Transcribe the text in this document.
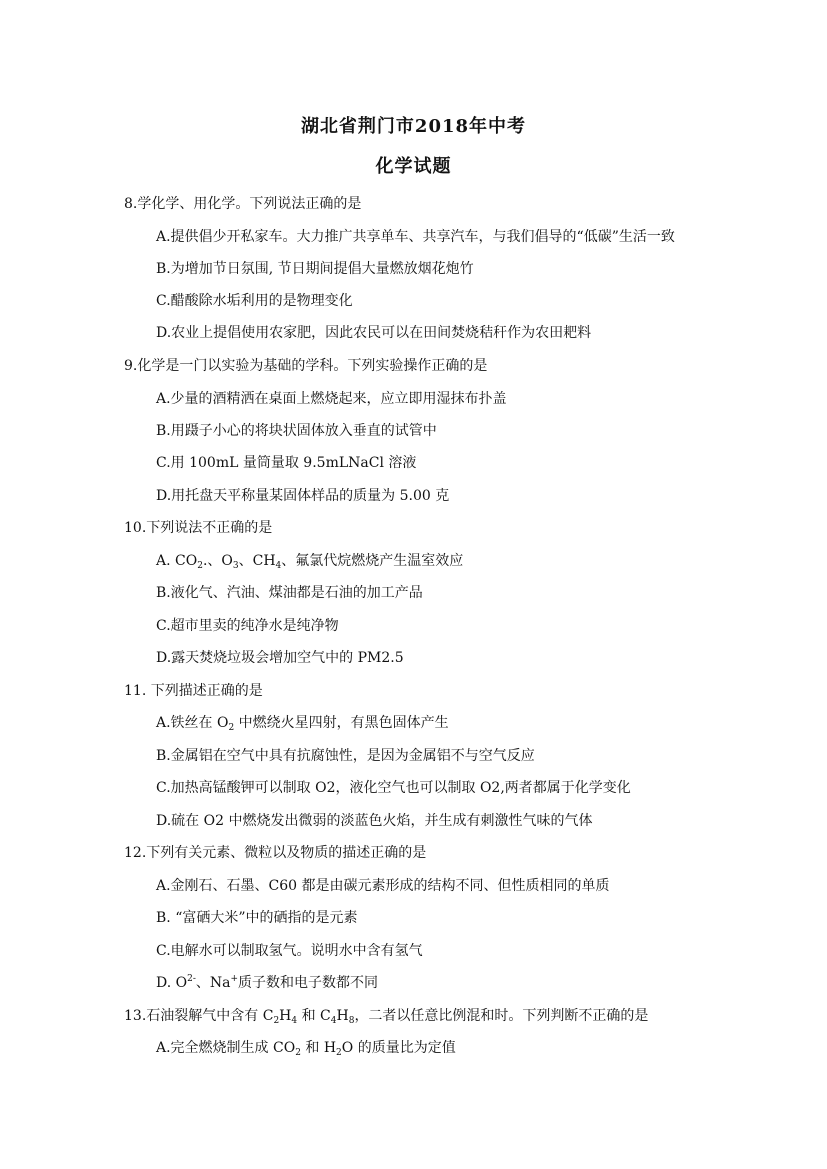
湖北省荆门市2018年中考
化学试题
8.学化学、用化学。下列说法正确的是
A.提供倡少开私家车。大力推广共享单车、共享汽车，与我们倡导的“低碳”生活一致
B.为增加节日氛围, 节日期间提倡大量燃放烟花炮竹
C.醋酸除水垢利用的是物理变化
D.农业上提倡使用农家肥，因此农民可以在田间焚烧秸秆作为农田耙料
9.化学是一门以实验为基础的学科。下列实验操作正确的是
A.少量的酒精洒在桌面上燃烧起来，应立即用湿抹布扑盖
B.用蹑子小心的将块状固体放入垂直的试管中
C.用 100mL 量筒量取 9.5mLNaCl 溶液
D.用托盘天平称量某固体样品的质量为 5.00 克
10.下列说法不正确的是
A. $CO_2$.、$O_3$、$CH_4$、氟氯代烷燃烧产生温室效应
B.液化气、汽油、煤油都是石油的加工产品
C.超市里卖的纯净水是纯净物
D.露天焚烧垃圾会增加空气中的 PM2.5
11. 下列描述正确的是
A.铁丝在 $O_2$ 中燃绕火星四射，有黑色固体产生
B.金属铝在空气中具有抗腐蚀性，是因为金属铝不与空气反应
C.加热高锰酸钾可以制取 O2，液化空气也可以制取 O2,两者都属于化学变化
D.硫在 O2 中燃烧发出微弱的淡蓝色火焰，并生成有刺激性气味的气体
12.下列有关元素、微粒以及物质的描述正确的是
A.金刚石、石墨、C60 都是由碳元素形成的结构不同、但性质相同的单质
B. “富硒大米”中的硒指的是元素
C.电解水可以制取氢气。说明水中含有氢气
D. $O^{2-}$、Na+质子数和电子数都不同
13.石油裂解气中含有 $C_2H_4$ 和 $C_4H_8$，二者以任意比例混和时。下列判断不正确的是
A.完全燃烧制生成 $CO_2$ 和 $H_2O$ 的质量比为定值
